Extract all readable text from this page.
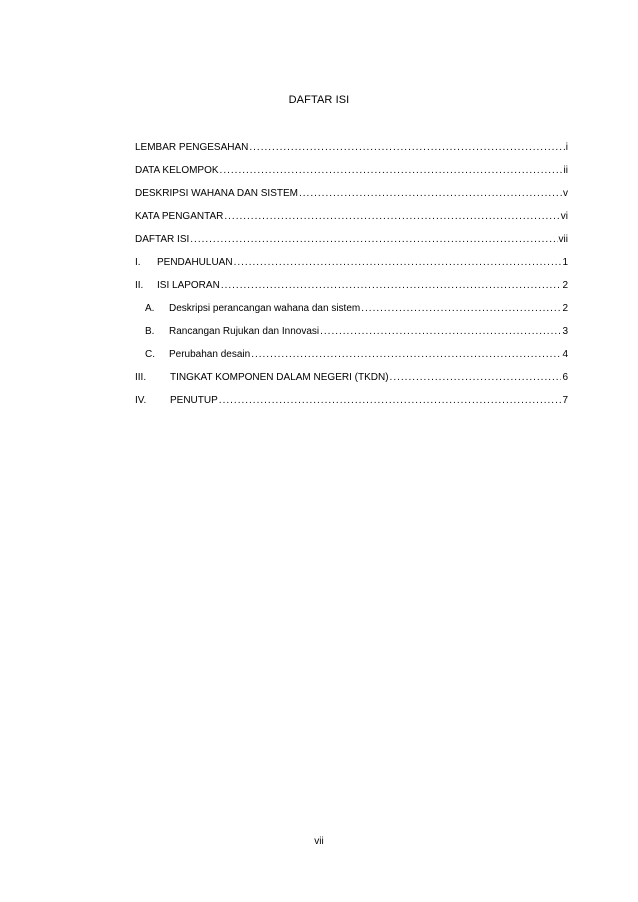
DAFTAR ISI
LEMBAR PENGESAHAN .....	i
DATA KELOMPOK .....	ii
DESKRIPSI WAHANA DAN SISTEM .....	v
KATA PENGANTAR .....	vi
DAFTAR ISI .....	vii
I.	PENDAHULUAN .....	1
II.	ISI LAPORAN .....	2
A.	Deskripsi perancangan wahana dan sistem .....	2
B.	Rancangan Rujukan dan Innovasi .....	3
C.	Perubahan desain .....	4
III.	TINGKAT KOMPONEN DALAM NEGERI (TKDN) .....	6
IV.	PENUTUP .....	7
vii
